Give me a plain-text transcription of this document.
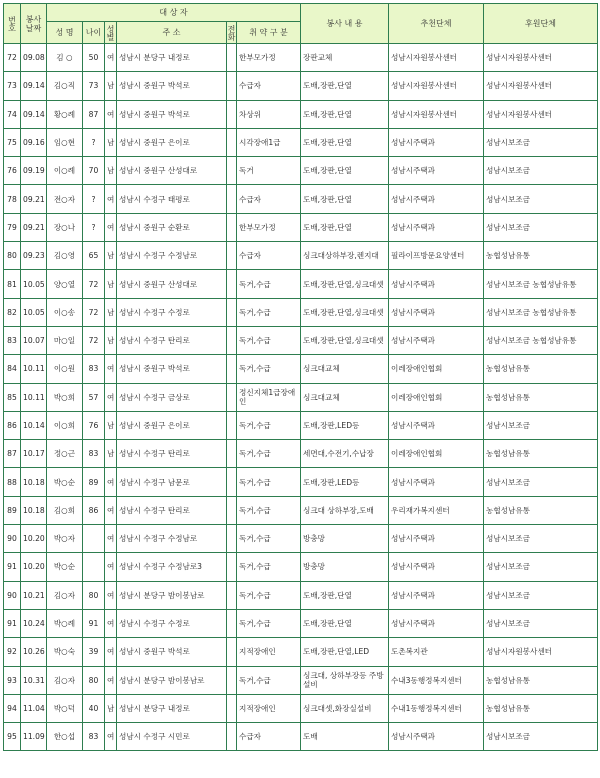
번호	봉사 날짜	대 상 자						봉사 내 용	추천단체	후원단체
		성 명	나이	성별	주 소	전화	취 약 구 분			
72	09.08	김 ○	50	여	성남시 분당구 내정로		한부모가정	장판교체	성남시자원봉사센터	성남시자원봉사센터
73	09.14	김○직	73	남	성남시 중원구 박석로		수급자	도배,장판,단열	성남시자원봉사센터	성남시자원봉사센터
74	09.14	황○례	87	여	성남시 중원구 박석로		차상위	도배,장판,단열	성남시자원봉사센터	성남시자원봉사센터
75	09.16	임○현	?	남	성남시 중원구 은이로		시각장애1급	도배,장판,단열	성남시주택과	성남시보조금
76	09.19	이○례	70	남	성남시 중원구 산성대로		독거	도배,장판,단열	성남시주택과	성남시보조금
78	09.21	전○자	?	여	성남시 수정구 태평로		수급자	도배,장판,단열	성남시주택과	성남시보조금
79	09.21	장○나	?	여	성남시 중원구 순환로		한부모가정	도배,장판,단열	성남시주택과	성남시보조금
80	09.23	김○영	65	남	성남시 수정구 수정남로		수급자	싱크대상하부장,렌지대	필라이프방문요양센터	농협성남유통
81	10.05	양○열	72	남	성남시 중원구 산성대로		독거,수급	도배,장판,단열,싱크대셋	성남시주택과	성남시보조금 농협성남유통
82	10.05	이○송	72	남	성남시 수정구 수정로		독거,수급	도배,장판,단열,싱크대셋	성남시주택과	성남시보조금 농협성남유통
83	10.07	마○일	72	남	성남시 수정구 탄리로		독거,수급	도배,장판,단열,싱크대셋	성남시주택과	성남시보조금 농협성남유통
84	10.11	이○원	83	여	성남시 중원구 박석로		독거,수급	싱크대교체	이레장애인협회	농협성남유통
85	10.11	박○희	57	여	성남시 수정구 금상로		정신지체1급장애인	싱크대교체	이레장애인협회	농협성남유통
86	10.14	이○희	76	남	성남시 중원구 은이로		독거,수급	도배,장판,LED등	성남시주택과	성남시보조금
87	10.17	정○근	83	남	성남시 수정구 탄리로		독거,수급	세면대,수전기,수납장	이레장애인협회	농협성남유통
88	10.18	박○순	89	여	성남시 수정구 남문로		독거,수급	도배,장판,LED등	성남시주택과	성남시보조금
89	10.18	김○희	86	여	성남시 수정구 탄리로		독거,수급	싱크대 상하부장,도배	우리재가복지센터	농협성남유통
90	10.20	박○자		여	성남시 수정구 수정남로		독거,수급	방충망	성남시주택과	성남시보조금
91	10.20	박○순		여	성남시 수정구 수정남로3		독거,수급	방충망	성남시주택과	성남시보조금
90	10.21	김○자	80	여	성남시 분당구 밤이봉남로		독거,수급	도배,장판,단열	성남시주택과	성남시보조금
91	10.24	박○례	91	여	성남시 수정구 수정로		독거,수급	도배,장판,단열	성남시주택과	성남시보조금
92	10.26	박○숙	39	여	성남시 중원구 박석로		지적장애인	도배,장판,단열,LED	도촌복지관	성남시자원봉사센터
93	10.31	김○자	80	여	성남시 분당구 밤이봉남로		독거,수급	싱크대, 상하부장등 주방설비	수내3동행정복지센터	농협성남유통
94	11.04	박○덕	40	남	성남시 분당구 내정로		지적장애인	싱크대셋,화장실설비	수내1동행정복지센터	농협성남유통
95	11.09	한○섭	83	여	성남시 수정구 시민로		수급자	도배	성남시주택과	성남시보조금
